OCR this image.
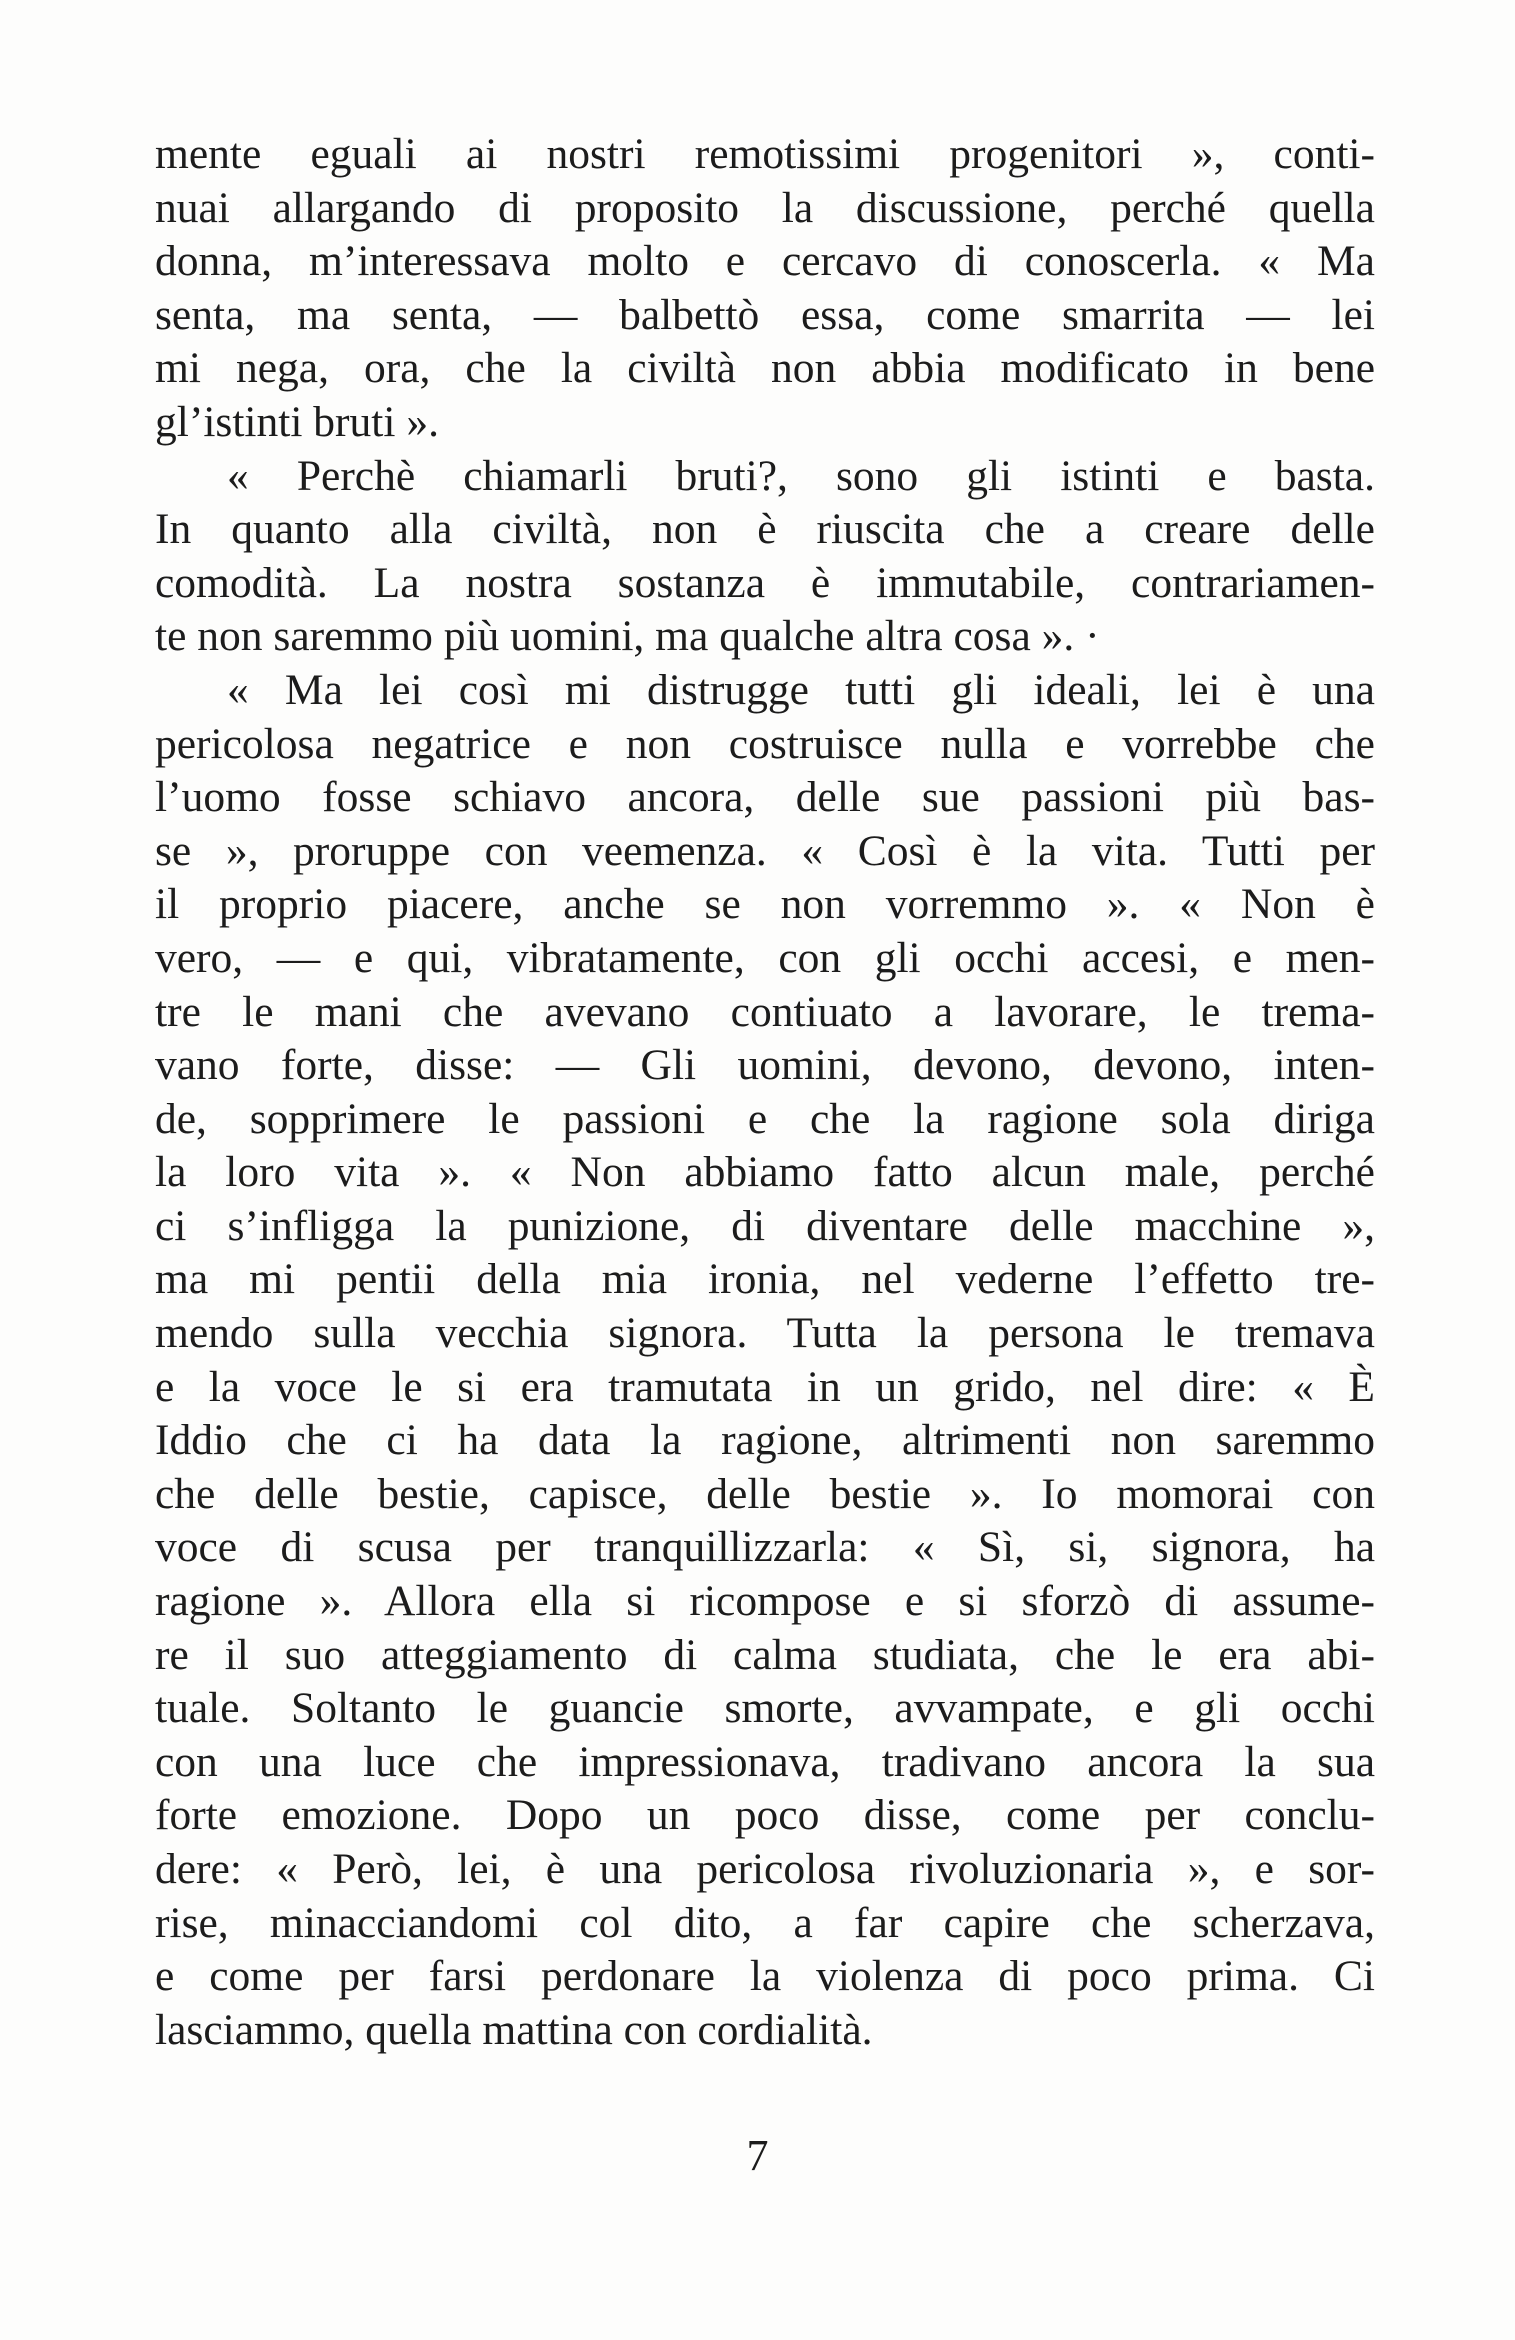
mente eguali ai nostri remotissimi progenitori », conti-
nuai allargando di proposito la discussione, perché quella
donna, m’interessava molto e cercavo di conoscerla. « Ma
senta, ma senta, — balbettò essa, come smarrita — lei
mi nega, ora, che la civiltà non abbia modificato in bene
gl’istinti bruti ».
« Perchè chiamarli bruti?, sono gli istinti e basta.
In quanto alla civiltà, non è riuscita che a creare delle
comodità. La nostra sostanza è immutabile, contrariamen-
te non saremmo più uomini, ma qualche altra cosa ». ·
« Ma lei così mi distrugge tutti gli ideali, lei è una
pericolosa negatrice e non costruisce nulla e vorrebbe che
l’uomo fosse schiavo ancora, delle sue passioni più bas-
se », proruppe con veemenza. « Così è la vita. Tutti per
il proprio piacere, anche se non vorremmo ». « Non è
vero, — e qui, vibratamente, con gli occhi accesi, e men-
tre le mani che avevano contiuato a lavorare, le trema-
vano forte, disse: — Gli uomini, devono, devono, inten-
de, sopprimere le passioni e che la ragione sola diriga
la loro vita ». « Non abbiamo fatto alcun male, perché
ci s’infligga la punizione, di diventare delle macchine »,
ma mi pentii della mia ironia, nel vederne l’effetto tre-
mendo sulla vecchia signora. Tutta la persona le tremava
e la voce le si era tramutata in un grido, nel dire: « È
Iddio che ci ha data la ragione, altrimenti non saremmo
che delle bestie, capisce, delle bestie ». Io momorai con
voce di scusa per tranquillizzarla: « Sì, si, signora, ha
ragione ». Allora ella si ricompose e si sforzò di assume-
re il suo atteggiamento di calma studiata, che le era abi-
tuale. Soltanto le guancie smorte, avvampate, e gli occhi
con una luce che impressionava, tradivano ancora la sua
forte emozione. Dopo un poco disse, come per conclu-
dere: « Però, lei, è una pericolosa rivoluzionaria », e sor-
rise, minacciandomi col dito, a far capire che scherzava,
e come per farsi perdonare la violenza di poco prima. Ci
lasciammo, quella mattina con cordialità.
7
